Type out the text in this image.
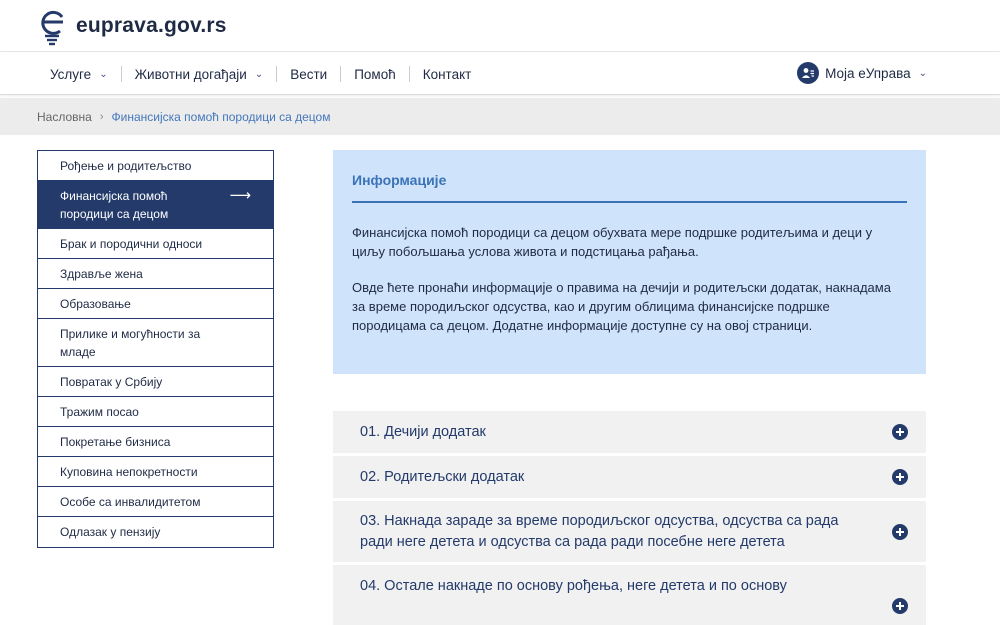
euprava.gov.rs
Услуге ⌄ Животни догађаји ⌄ Вести Помоћ Контакт	Моја еУправа ⌄
Насловна › Финансијска помоћ породици са децом
Рођење и родитељство
Финансијска помоћ породици са децом
⟶
Брак и породични односи
Здравље жена
Образовање
Прилике и могућности за младе
Повратак у Србију
Тражим посао
Покретање бизниса
Куповина непокретности
Особе са инвалидитетом
Одлазак у пензију
Информације

Финансијска помоћ породици са децом обухвата мере подршке родитељима и деци у циљу побољшања услова живота и подстицања рађања.

Овде ћете пронаћи информације о правима на дечији и родитељски додатак, накнадама за време породиљског одсуства, као и другим облицима финансијске подршке породицама са децом. Додатне информације доступне су на овој страници.

01. Дечији додатак
02. Родитељски додатак
03. Накнада зараде за време породиљског одсуства, одсуства са рада ради неге детета и одсуства са рада ради посебне неге детета
04. Остале накнаде по основу рођења, неге детета и по основу
